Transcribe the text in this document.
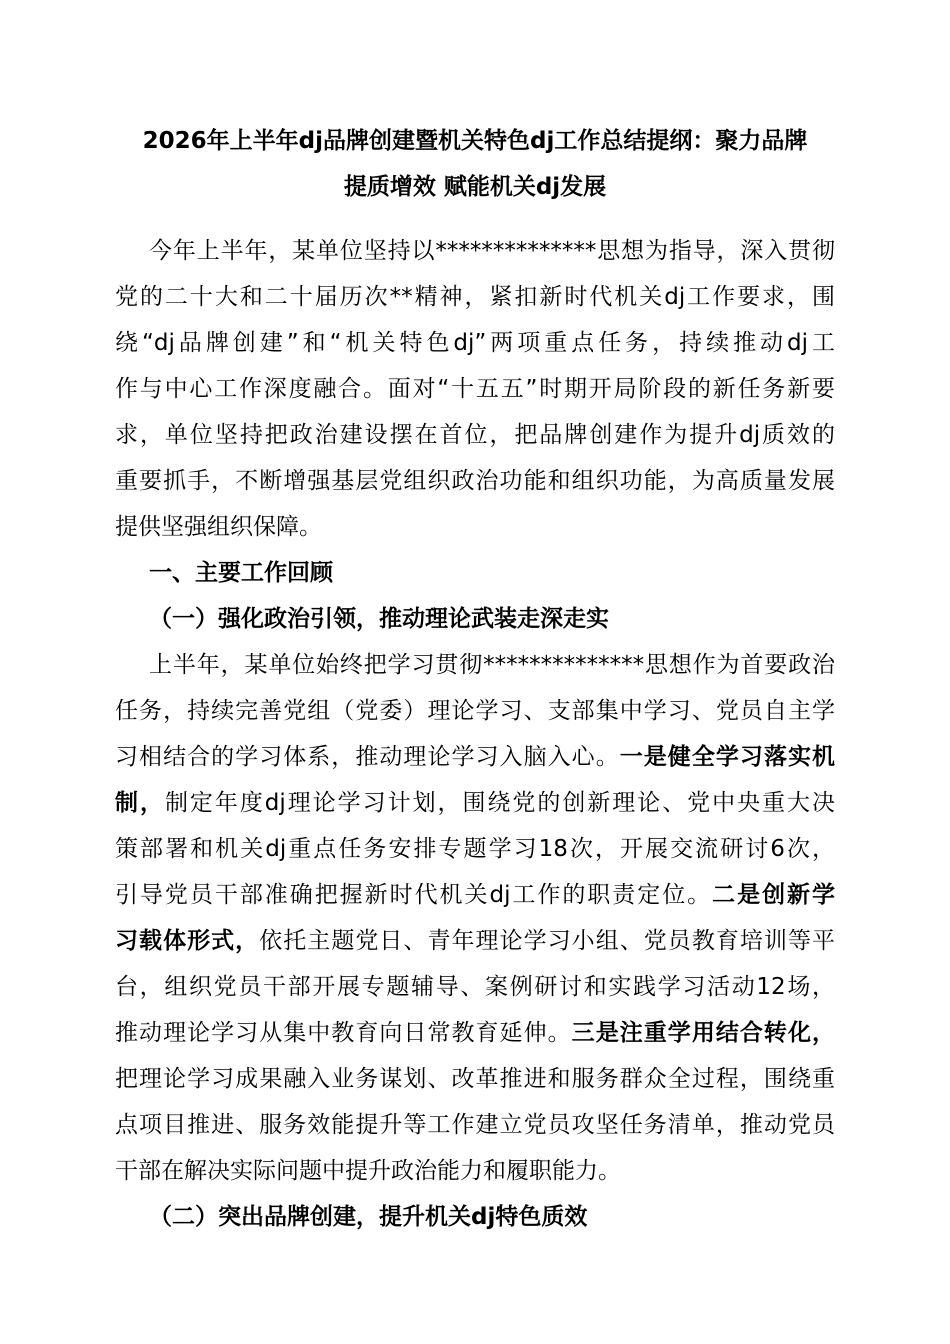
2026年上半年dj品牌创建暨机关特色dj工作总结提纲：聚力品牌
提质增效 赋能机关dj发展

今年上半年，某单位坚持以**************思想为指导，深入贯彻

党的二十大和二十届历次**精神，紧扣新时代机关dj工作要求，围

绕“dj品牌创建”和“机关特色dj”两项重点任务，持续推动dj工

作与中心工作深度融合。面对“十五五”时期开局阶段的新任务新要

求，单位坚持把政治建设摆在首位，把品牌创建作为提升dj质效的

重要抓手，不断增强基层党组织政治功能和组织功能，为高质量发展

提供坚强组织保障。

一、主要工作回顾

（一）强化政治引领，推动理论武装走深走实

上半年，某单位始终把学习贯彻**************思想作为首要政治

任务，持续完善党组（党委）理论学习、支部集中学习、党员自主学

习相结合的学习体系，推动理论学习入脑入心。一是健全学习落实机

制，制定年度dj理论学习计划，围绕党的创新理论、党中央重大决

策部署和机关dj重点任务安排专题学习18次，开展交流研讨6次，

引导党员干部准确把握新时代机关dj工作的职责定位。二是创新学

习载体形式，依托主题党日、青年理论学习小组、党员教育培训等平

台，组织党员干部开展专题辅导、案例研讨和实践学习活动12场，

推动理论学习从集中教育向日常教育延伸。三是注重学用结合转化，

把理论学习成果融入业务谋划、改革推进和服务群众全过程，围绕重

点项目推进、服务效能提升等工作建立党员攻坚任务清单，推动党员

干部在解决实际问题中提升政治能力和履职能力。

（二）突出品牌创建，提升机关dj特色质效
